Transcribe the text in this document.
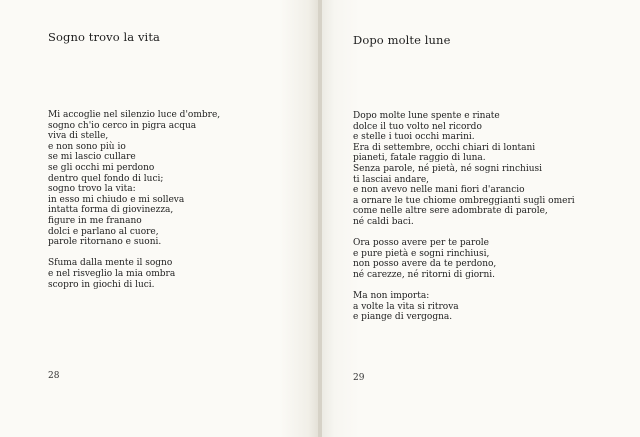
Sogno trovo la vita
Mi accoglie nel silenzio luce d'ombre,
sogno ch'io cerco in pigra acqua
viva di stelle,
e non sono più io
se mi lascio cullare
se gli occhi mi perdono
dentro quel fondo di luci;
sogno trovo la vita:
in esso mi chiudo e mi solleva
intatta forma di giovinezza,
figure in me franano
dolci e parlano al cuore,
parole ritornano e suoni.
Sfuma dalla mente il sogno
e nel risveglio la mia ombra
scopro in giochi di luci.
28
Dopo molte lune
Dopo molte lune spente e rinate
dolce il tuo volto nel ricordo
e stelle i tuoi occhi marini.
Era di settembre, occhi chiari di lontani
pianeti, fatale raggio di luna.
Senza parole, né pietà, né sogni rinchiusi
ti lasciai andare,
e non avevo nelle mani fiori d'arancio
a ornare le tue chiome ombreggianti sugli omeri
come nelle altre sere adombrate di parole,
né caldi baci.
Ora posso avere per te parole
e pure pietà e sogni rinchiusi,
non posso avere da te perdono,
né carezze, né ritorni di giorni.
Ma non importa:
a volte la vita si ritrova
e piange di vergogna.
29
